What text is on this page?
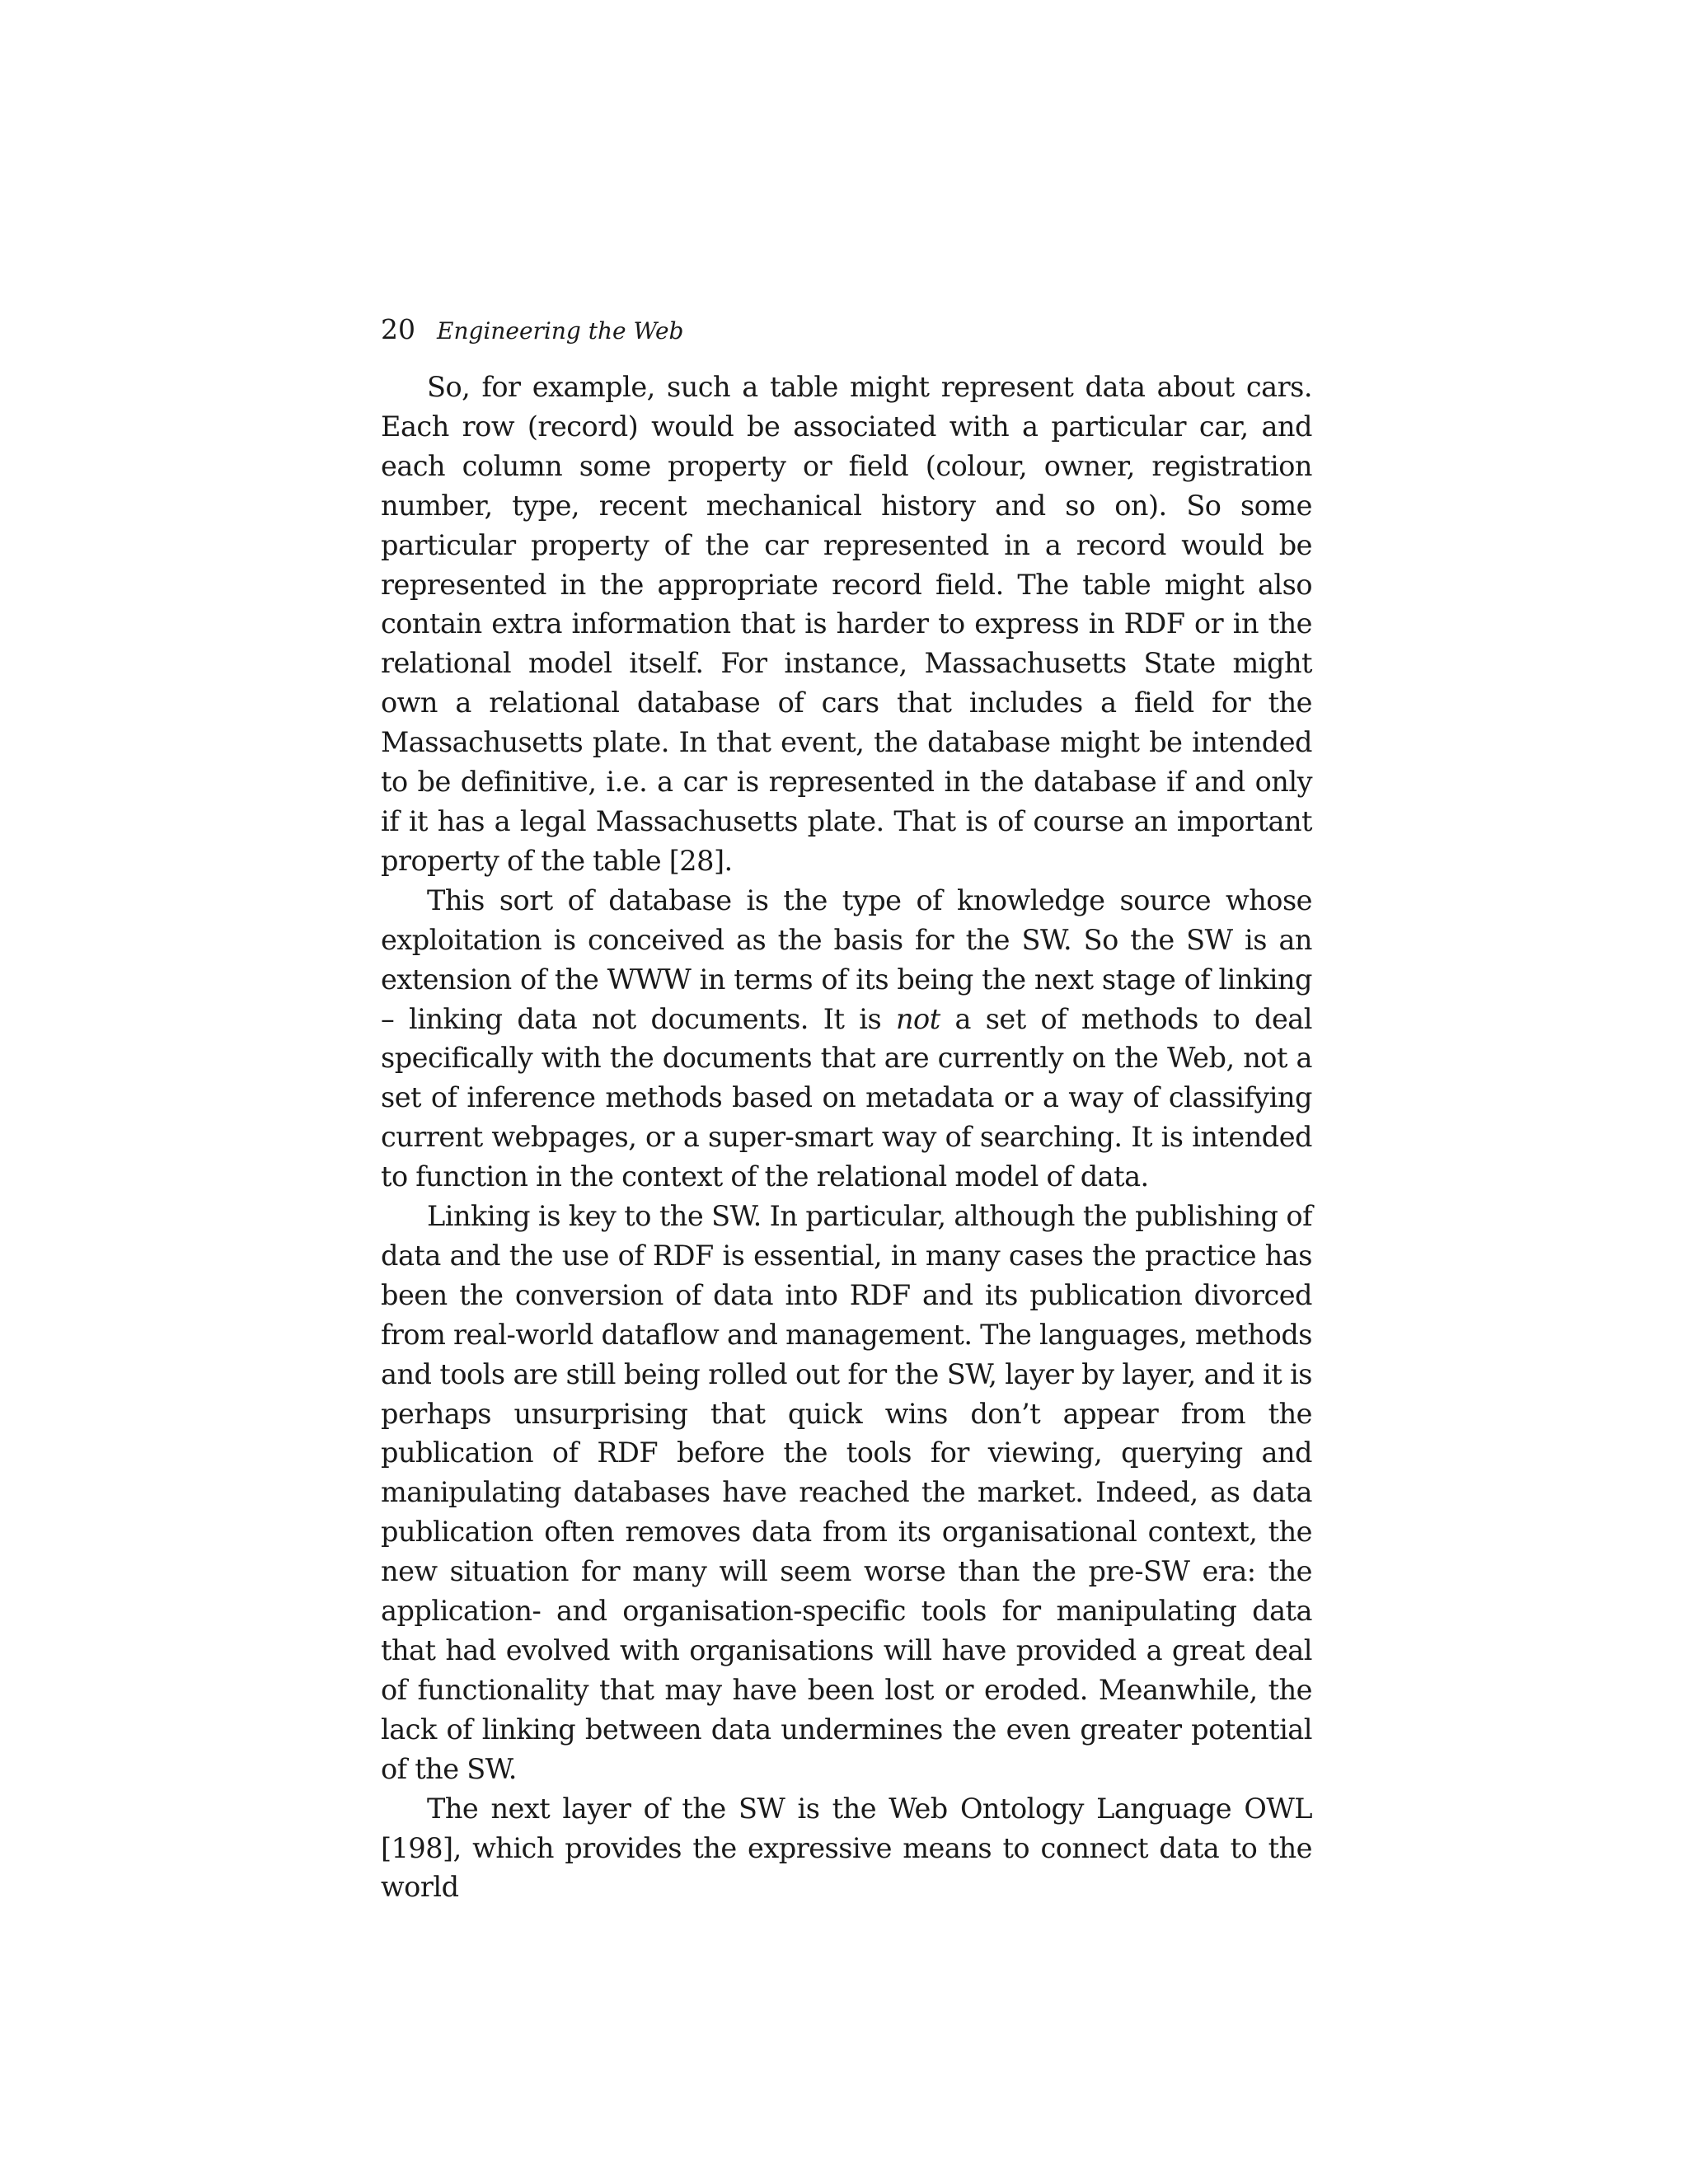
20 Engineering the Web

So, for example, such a table might represent data about cars. Each row (record) would be associated with a particular car, and each column some property or field (colour, owner, registration number, type, recent mechanical history and so on). So some particular property of the car represented in a record would be represented in the appropriate record field. The table might also contain extra information that is harder to express in RDF or in the relational model itself. For instance, Massachusetts State might own a relational database of cars that includes a field for the Massachusetts plate. In that event, the database might be intended to be definitive, i.e. a car is represented in the database if and only if it has a legal Massachusetts plate. That is of course an important property of the table [28].

This sort of database is the type of knowledge source whose exploitation is conceived as the basis for the SW. So the SW is an extension of the WWW in terms of its being the next stage of linking – linking data not documents. It is not a set of methods to deal specifically with the documents that are currently on the Web, not a set of inference methods based on metadata or a way of classifying current webpages, or a super-smart way of searching. It is intended to function in the context of the relational model of data.

Linking is key to the SW. In particular, although the publishing of data and the use of RDF is essential, in many cases the practice has been the conversion of data into RDF and its publication divorced from real-world dataflow and management. The languages, methods and tools are still being rolled out for the SW, layer by layer, and it is perhaps unsurprising that quick wins don’t appear from the publication of RDF before the tools for viewing, querying and manipulating databases have reached the market. Indeed, as data publication often removes data from its organisational context, the new situation for many will seem worse than the pre-SW era: the application- and organisation-specific tools for manipulating data that had evolved with organisations will have provided a great deal of functionality that may have been lost or eroded. Meanwhile, the lack of linking between data undermines the even greater potential of the SW.

The next layer of the SW is the Web Ontology Language OWL [198], which provides the expressive means to connect data to the world
